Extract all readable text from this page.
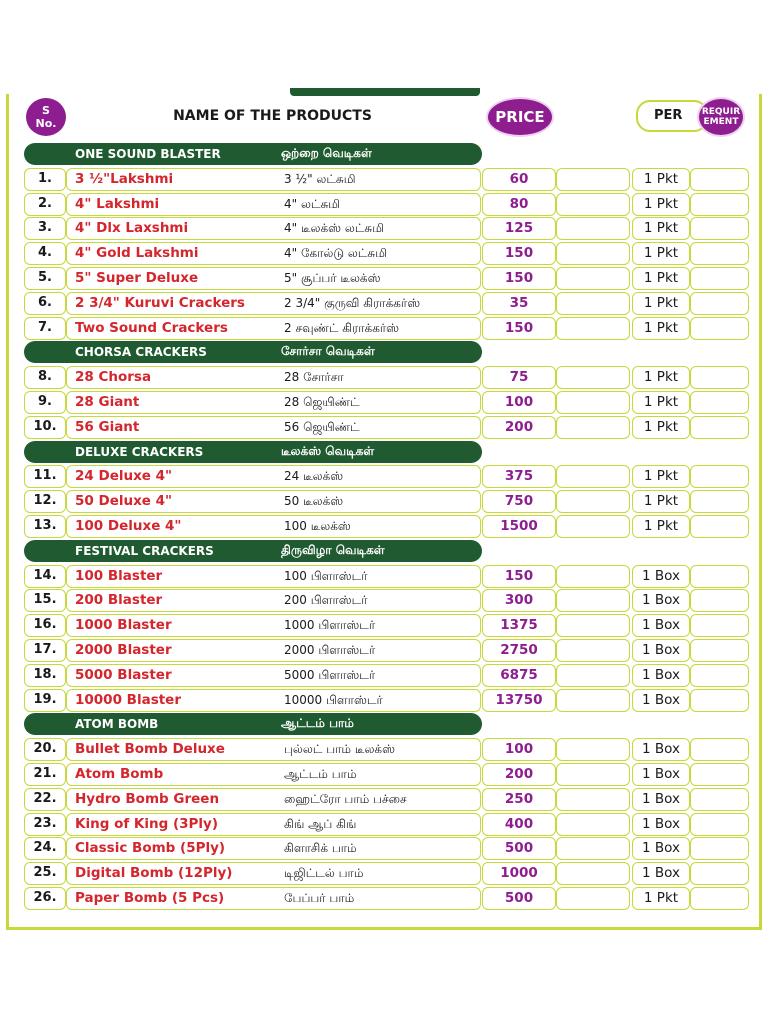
S
No.	NAME OF THE PRODUCTS	PRICE	PER	REQUIR
EMENT
ONE SOUND BLASTER	ஒற்றை வெடிகள்
1.	3 ½"Lakshmi	3 ½" லட்சுமி	60	1 Pkt
2.	4" Lakshmi	4" லட்சுமி	80	1 Pkt
3.	4" Dlx Laxshmi	4" டீலக்ஸ் லட்சுமி	125	1 Pkt
4.	4" Gold Lakshmi	4" கோல்டு லட்சுமி	150	1 Pkt
5.	5" Super Deluxe	5" சூப்பர் டீலக்ஸ்	150	1 Pkt
6.	2 3/4" Kuruvi Crackers	2 3/4" குருவி கிராக்கர்ஸ்	35	1 Pkt
7.	Two Sound Crackers	2 சவுண்ட் கிராக்கர்ஸ்	150	1 Pkt
CHORSA CRACKERS	சோர்சா வெடிகள்
8.	28 Chorsa	28 சோர்சா	75	1 Pkt
9.	28 Giant	28 ஜெயிண்ட்	100	1 Pkt
10.	56 Giant	56 ஜெயிண்ட்	200	1 Pkt
DELUXE CRACKERS	டீலக்ஸ் வெடிகள்
11.	24 Deluxe 4"	24 டீலக்ஸ்	375	1 Pkt
12.	50 Deluxe 4"	50 டீலக்ஸ்	750	1 Pkt
13.	100 Deluxe 4"	100 டீலக்ஸ்	1500	1 Pkt
FESTIVAL CRACKERS	திருவிழா வெடிகள்
14.	100 Blaster	100 பிளாஸ்டர்	150	1 Box
15.	200 Blaster	200 பிளாஸ்டர்	300	1 Box
16.	1000 Blaster	1000 பிளாஸ்டர்	1375	1 Box
17.	2000 Blaster	2000 பிளாஸ்டர்	2750	1 Box
18.	5000 Blaster	5000 பிளாஸ்டர்	6875	1 Box
19.	10000 Blaster	10000 பிளாஸ்டர்	13750	1 Box
ATOM BOMB	ஆட்டம் பாம்
20.	Bullet Bomb Deluxe	புல்லட் பாம் டீலக்ஸ்	100	1 Box
21.	Atom Bomb	ஆட்டம் பாம்	200	1 Box
22.	Hydro Bomb Green	ஹைட்ரோ பாம் பச்சை	250	1 Box
23.	King of King (3Ply)	கிங் ஆப் கிங்	400	1 Box
24.	Classic Bomb (5Ply)	கிளாசிக் பாம்	500	1 Box
25.	Digital Bomb (12Ply)	டிஜிட்டல் பாம்	1000	1 Box
26.	Paper Bomb (5 Pcs)	பேப்பர் பாம்	500	1 Pkt
